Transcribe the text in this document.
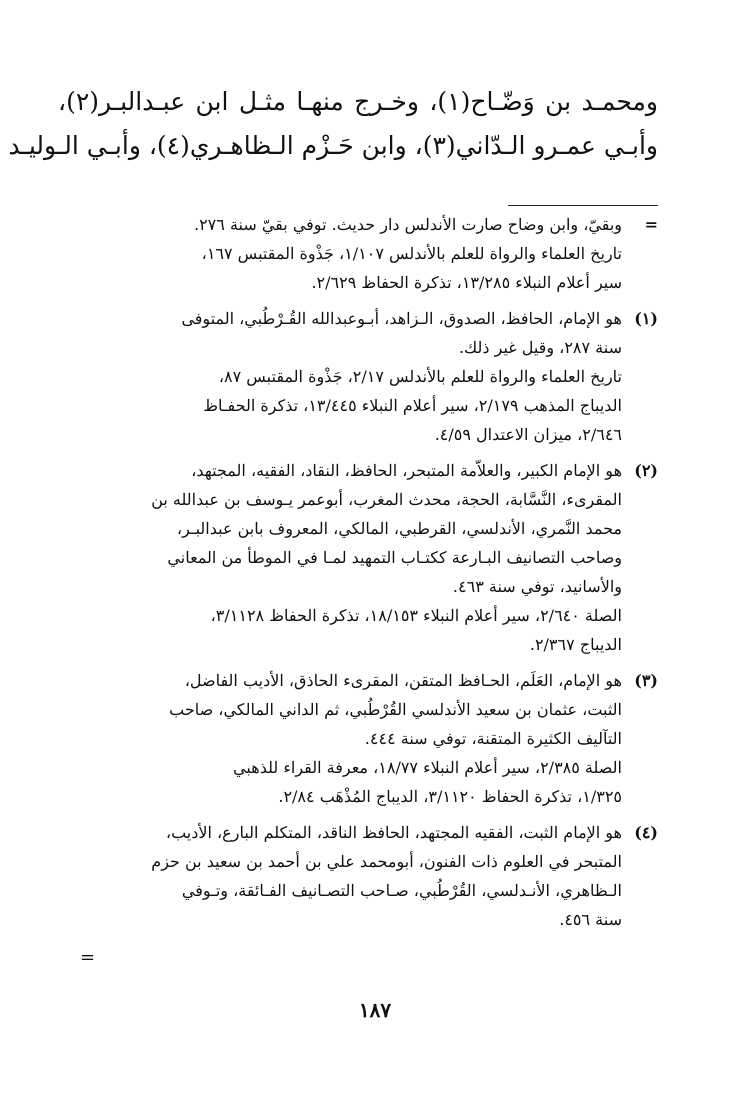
ومحمـد بن وَضّـاح(١)، وخـرج منهـا مثـل ابن عبـدالبـر(٢)،
وأبـي عمـرو الـدّاني(٣)، وابن حَـزْم الـظاهـري(٤)، وأبـي الـوليـد
=
وبقيّ، وابن وضاح صارت الأندلس دار حديث. توفي بقيّ سنة ٢٧٦.
تاريخ العلماء والرواة للعلم بالأندلس ١/١٠٧، جَذْوة المقتبس ١٦٧،
سير أعلام النبلاء ١٣/٢٨٥، تذكرة الحفاظ ٢/٦٢٩.
(١)
هو الإمام، الحافظ، الصدوق، الـزاهد، أبـوعبدالله القُـرْطُبي، المتوفى
سنة ٢٨٧، وقيل غير ذلك.
تاريخ العلماء والرواة للعلم بالأندلس ٢/١٧، جَذْوة المقتبس ٨٧،
الديباج المذهب ٢/١٧٩، سير أعلام النبلاء ١٣/٤٤٥، تذكرة الحفـاظ
٢/٦٤٦، ميزان الاعتدال ٤/٥٩.
(٢)
هو الإمام الكبير، والعلاّمة المتبحر، الحافظ، النقاد، الفقيه، المجتهد،
المقرىء، النَّسَّابة، الحجة، محدث المغرب، أبوعمر يـوسف بن عبدالله بن
محمد النَّمري، الأندلسي، القرطبي، المالكي، المعروف بابن عبدالبـر،
وصاحب التصانيف البـارعة ككتـاب التمهيد لمـا في الموطأ من المعاني
والأسانيد، توفي سنة ٤٦٣.
الصلة ٢/٦٤٠، سير أعلام النبلاء ١٨/١٥٣، تذكرة الحفاظ ٣/١١٢٨،
الديباج ٢/٣٦٧.
(٣)
هو الإمام، العَلَم، الحـافظ المتقن، المقرىء الحاذق، الأديب الفاضل،
الثبت، عثمان بن سعيد الأندلسي القُرْطُبي، ثم الداني المالكي، صاحب
التآليف الكثيرة المتقنة، توفي سنة ٤٤٤.
الصلة ٢/٣٨٥، سير أعلام النبلاء ١٨/٧٧، معرفة القراء للذهبي
١/٣٢٥، تذكرة الحفاظ ٣/١١٢٠، الديباج المُذْهَب ٢/٨٤.
(٤)
هو الإمام الثبت، الفقيه المجتهد، الحافظ الناقد، المتكلم البارع، الأديب،
المتبحر في العلوم ذات الفنون، أبومحمد علي بن أحمد بن سعيد بن حزم
الـظاهري، الأنـدلسي، القُرْطُبي، صـاحب التصـانيف الفـائقة، وتـوفي
سنة ٤٥٦.
=
١٨٧
